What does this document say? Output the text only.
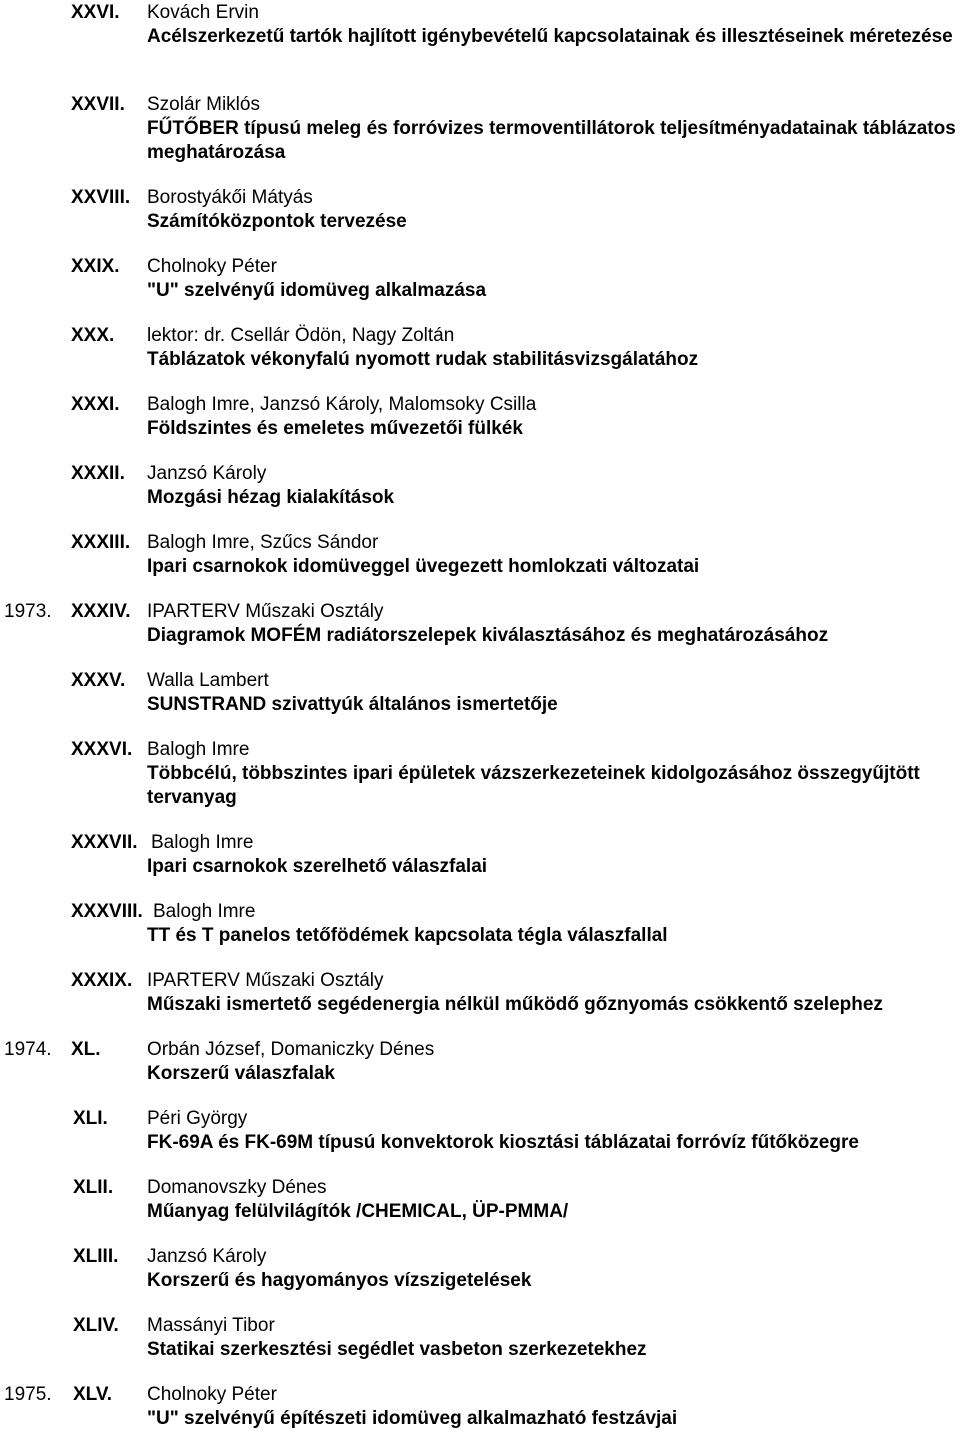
XXVI. Kovách Ervin
Acélszerkezetű tartók hajlított igénybevételű kapcsolatainak és illesztéseinek méretezése
XXVII. Szolár Miklós
FŰTŐBER típusú meleg és forróvizes termoventillátorok teljesítményadatainak táblázatos meghatározása
XXVIII. Borostyákői Mátyás
Számítóközpontok tervezése
XXIX. Cholnoky Péter
"U" szelvényű idomüveg alkalmazása
XXX. lektor: dr. Csellár Ödön, Nagy Zoltán
Táblázatok vékonyfalú nyomott rudak stabilitásvizsgálatához
XXXI. Balogh Imre, Janzsó Károly, Malomsoky Csilla
Földszintes és emeletes művezetői fülkék
XXXII. Janzsó Károly
Mozgási hézag kialakítások
XXXIII. Balogh Imre, Szűcs Sándor
Ipari csarnokok idomüveggel üvegezett homlokzati változatai
1973. XXXIV. IPARTERV Műszaki Osztály
Diagramok MOFÉM radiátorszelepek kiválasztásához és meghatározásához
XXXV. Walla Lambert
SUNSTRAND szivattyúk általános ismertetője
XXXVI. Balogh Imre
Többcélú, többszintes ipari épületek vázszerkezeteinek kidolgozásához összegyűjtött tervanyag
XXXVII. Balogh Imre
Ipari csarnokok szerelhető válaszfalai
XXXVIII. Balogh Imre
TT és T panelos tetőfödémek kapcsolata tégla válaszfallal
XXXIX. IPARTERV Műszaki Osztály
Műszaki ismertető segédenergia nélkül működő gőznyomás csökkentő szelephez
1974. XL. Orbán József, Domaniczky Dénes
Korszerű válaszfalak
XLI. Péri György
FK-69A és FK-69M típusú konvektorok kiosztási táblázatai forróvíz fűtőközegre
XLII. Domanovszky Dénes
Műanyag felülvilágítók /CHEMICAL, ÜP-PMMA/
XLIII. Janzsó Károly
Korszerű és hagyományos vízszigetelések
XLIV. Massányi Tibor
Statikai szerkesztési segédlet vasbeton szerkezetekhez
1975. XLV. Cholnoky Péter
"U" szelvényű építészeti idomüveg alkalmazható festzávjai
